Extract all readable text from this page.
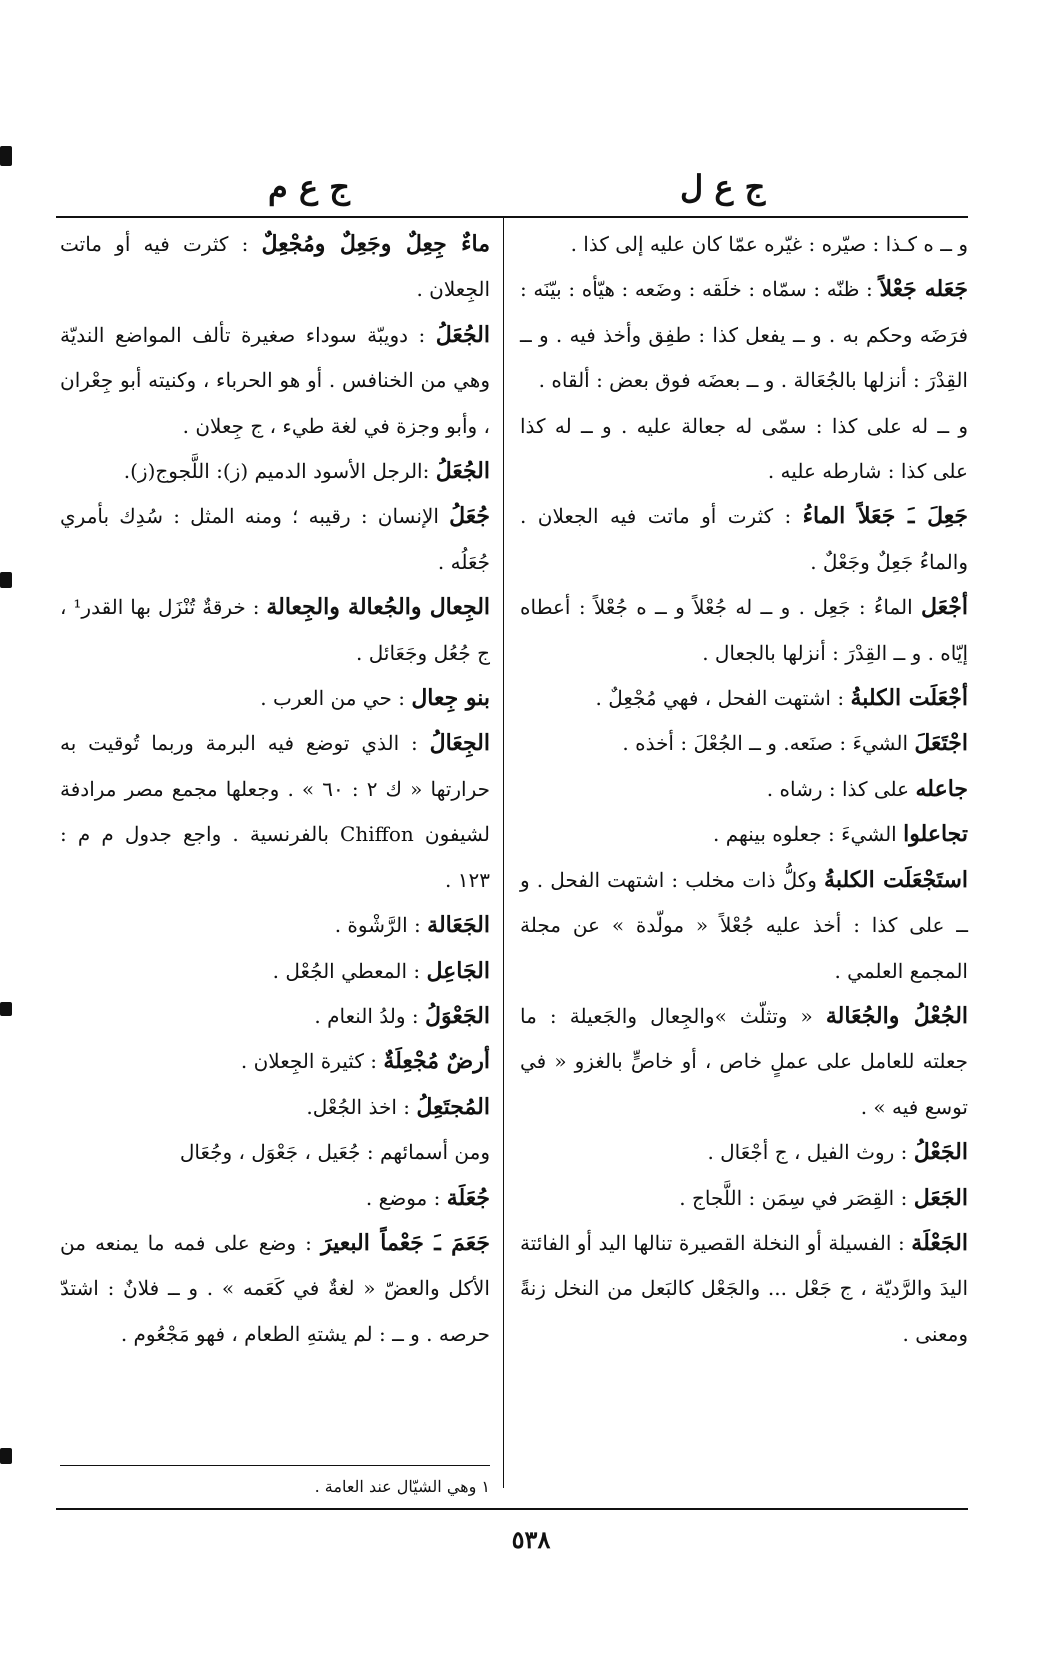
ج ع ل
ج ع م

و ــ ه كـذا : صيّره : غيّره عمّا كان عليه إلى كذا .

جَعَله جَعْلاً : ظنّه : سمّاه : خلَقه : وضَعه : هيّأه : بيّنَه : فرَضَه وحكم به . و ــ يفعل كذا : طفِق وأخذ فيه . و ــ القِدْرَ : أنزلها بالجُعَالة . و ــ بعضَه فوق بعض : ألقاه .

و ــ له على كذا : سمّى له جعالة عليه . و ــ له كذا على كذا : شارطه عليه .

جَعِلَ ـَ جَعَلاً الماءُ : كثرت أو ماتت فيه الجعلان . والماءُ جَعِلٌ وجَعْلٌ .

أجْعَل الماءُ : جَعِل . و ــ له جُعْلاً و ــ ه جُعْلاً : أعطاه إيّاه . و ــ القِدْرَ : أنزلها بالجعال .

أجْعَلَت الكلبةُ : اشتهت الفحل ، فهي مُجْعِلٌ .

اجْتَعَلَ الشيءَ : صنَعه. و ــ الجُعْلَ : أخذه .

جاعله على كذا : رشاه .

تجاعلوا الشيءَ : جعلوه بينهم .

استَجْعَلَت الكلبةُ وكلُّ ذات مخلب : اشتهت الفحل . و ــ على كذا : أخذ عليه جُعْلاً « مولّدة » عن مجلة المجمع العلمي .

الجُعْلُ والجُعَالة « وتثلّث »والجِعال والجَعيلة : ما جعلته للعامل على عملٍ خاص ، أو خاصٍّ بالغزو « في توسع فيه » .

الجَعْلُ : روث الفيل ، ج أجْعَال .

الجَعَل : القِصَر في سِمَن : اللَّجاج .

الجَعْلَة : الفسيلة أو النخلة القصيرة تنالها اليد أو الفائتة اليدَ والرَّديّة ، ج جَعْل ... والجَعْل كالبَعل من النخل زنةً ومعنى .

ماءٌ جِعِلٌ وجَعِلٌ ومُجْعِلٌ : كثرت فيه أو ماتت الجِعلان .

الجُعَلُ : دويبّة سوداء صغيرة تألف المواضع النديّة وهي من الخنافس . أو هو الحرباء ، وكنيته أبو جِعْران ، وأبو وجزة في لغة طيء ، ج جِعلان .

الجُعَلُ :الرجل الأسود الدميم (ز): اللَّجوج(ز).

جُعَلُ الإنسان : رقيبه ؛ ومنه المثل : سُدِك بأمري جُعَلُه .

الجِعال والجُعالة والجِعالة : خرقةٌ تُنْزَل بها القدر¹ ، ج جُعُل وجَعَائل .

بنو جِعال : حي من العرب .

الجِعَالُ : الذي توضع فيه البرمة وربما تُوقيت به حرارتها « ك ٢ : ٦٠ » . وجعلها مجمع مصر مرادفة لشيفون Chiffon بالفرنسية . واجع جدول م م : ١٢٣ .

الجَعَالة : الرَّشْوة .

الجَاعِل : المعطي الجُعْل .

الجَعْوَلُ : ولدُ النعام .

أرضٌ مُجْعِلَةٌ : كثيرة الجِعلان .

المُجتَعِلُ : اخذ الجُعْل.

ومن أسمائهم : جُعَيل ، جَعْوَل ، وجُعَال

جُعَلَة : موضع .

جَعَمَ ـَ جَعْماً البعيرَ : وضع على فمه ما يمنعه من الأكل والعضّ « لغةٌ في كَعَمه » . و ــ فلانٌ : اشتدّ حرصه . و ــ : لم يشتهِ الطعام ، فهو مَجْعُوم .

١ وهي الشيّال عند العامة .
٥٣٨
